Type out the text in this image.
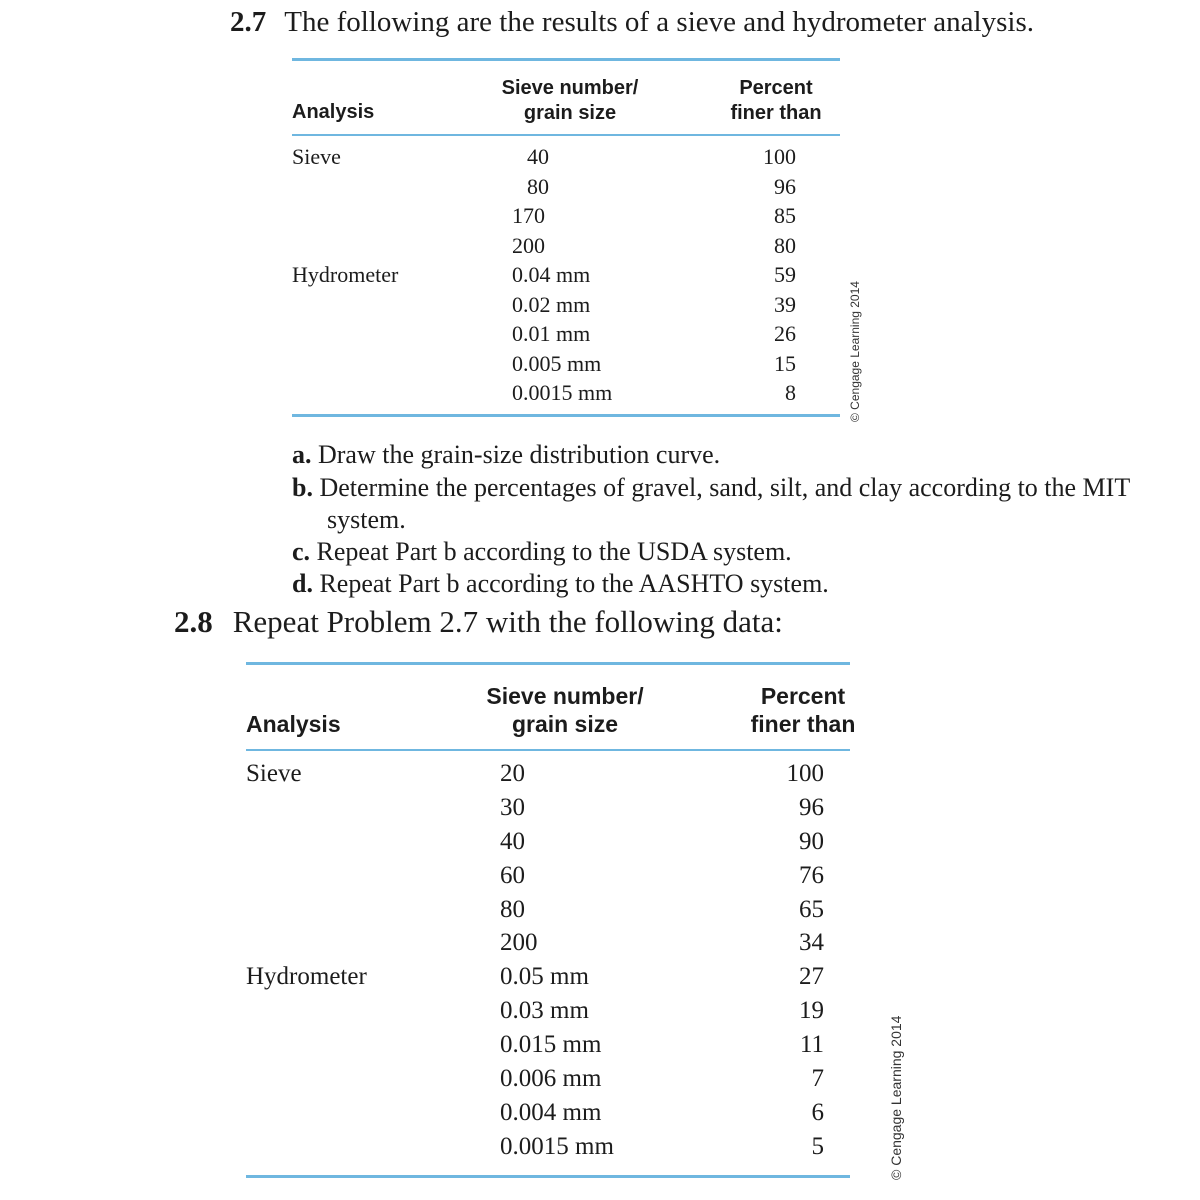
2.7 The following are the results of a sieve and hydrometer analysis.
Analysis
Sieve number/
grain size
Percent
finer than
Sieve
Hydrometer
40
80
170
200
0.04 mm
0.02 mm
0.01 mm
0.005 mm
0.0015 mm
100
96
85
80
59
39
26
15
8	© Cengage Learning 2014
a. Draw the grain-size distribution curve.
b. Determine the percentages of gravel, sand, silt, and clay according to the MIT
system.
c. Repeat Part b according to the USDA system.
d. Repeat Part b according to the AASHTO system.
2.8 Repeat Problem 2.7 with the following data:
Analysis
Sieve number/
grain size
Percent
finer than
Sieve
Hydrometer
20
30
40
60
80
200
0.05 mm
0.03 mm
0.015 mm
0.006 mm
0.004 mm
0.0015 mm
100
96
90
76
65
34
27
19
11
7
6
5	© Cengage Learning 2014
